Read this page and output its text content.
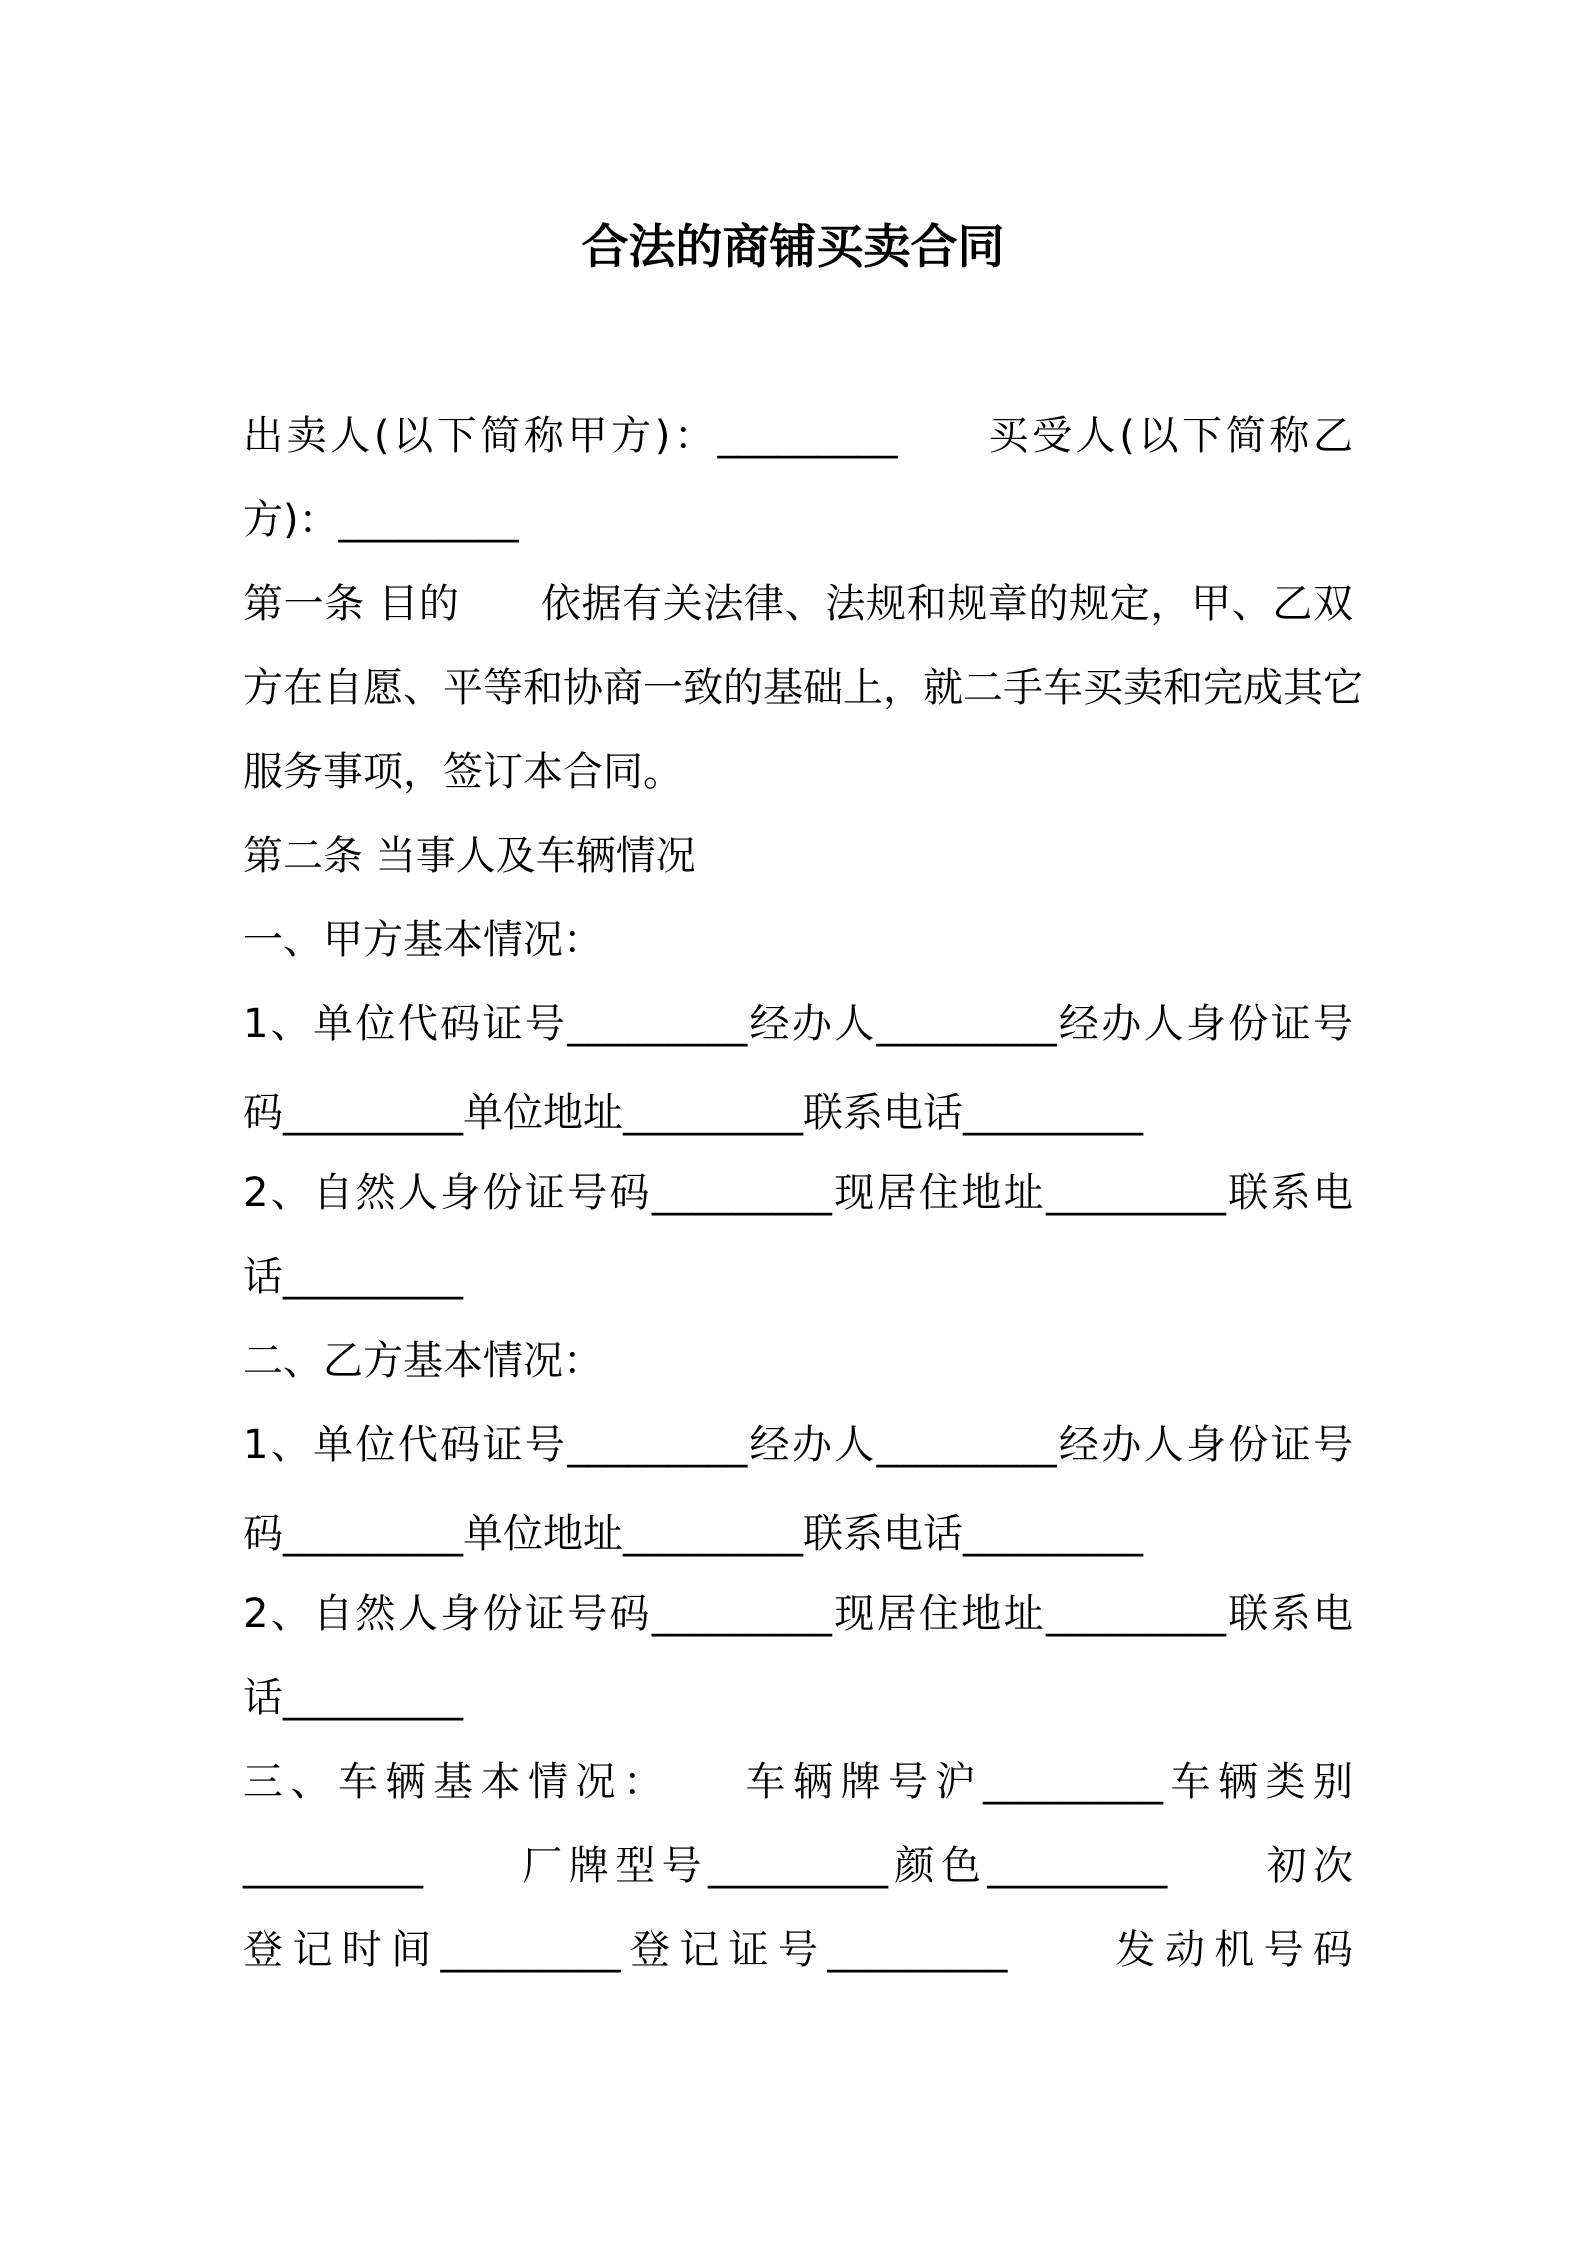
合法的商铺买卖合同
出卖人(以下简称甲方)：_________　　买受人(以下简称乙
方)：_________
第一条 目的　　依据有关法律、法规和规章的规定，甲、乙双
方在自愿、平等和协商一致的基础上，就二手车买卖和完成其它
服务事项，签订本合同。
第二条 当事人及车辆情况
一、甲方基本情况：
1、单位代码证号_________经办人_________经办人身份证号
码_________单位地址_________联系电话_________
2、自然人身份证号码_________现居住地址_________联系电
话_________
二、乙方基本情况：
1、单位代码证号_________经办人_________经办人身份证号
码_________单位地址_________联系电话_________
2、自然人身份证号码_________现居住地址_________联系电
话_________
三、车辆基本情况：　　车辆牌号沪_________车辆类别
_________　　厂牌型号_________颜色_________　　初次
登记时间_________登记证号_________　　发动机号码
